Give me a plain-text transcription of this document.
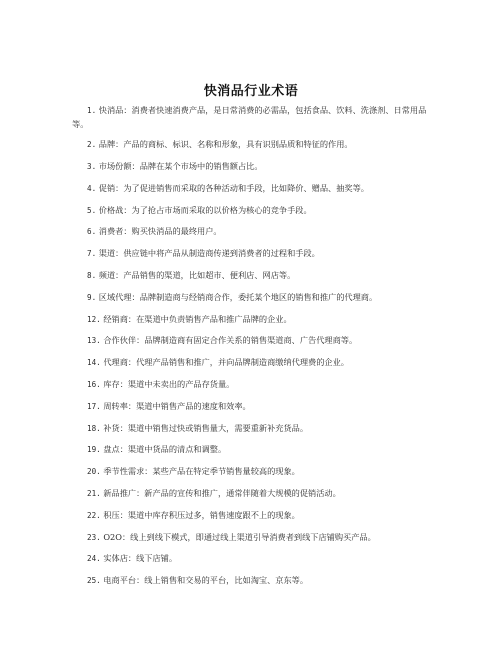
快消品行业术语
1. 快消品：消费者快速消费产品，是日常消费的必需品，包括食品、饮料、洗涤剂、日常用品等。
2. 品牌：产品的商标、标识、名称和形象，具有识别品质和特征的作用。
3. 市场份额：品牌在某个市场中的销售额占比。
4. 促销：为了促进销售而采取的各种活动和手段，比如降价、赠品、抽奖等。
5. 价格战：为了抢占市场而采取的以价格为核心的竞争手段。
6. 消费者：购买快消品的最终用户。
7. 渠道：供应链中将产品从制造商传递到消费者的过程和手段。
8. 频道：产品销售的渠道，比如超市、便利店、网店等。
9. 区域代理：品牌制造商与经销商合作，委托某个地区的销售和推广的代理商。
12. 经销商：在渠道中负责销售产品和推广品牌的企业。
13. 合作伙伴：品牌制造商有固定合作关系的销售渠道商、广告代理商等。
14. 代理商：代理产品销售和推广，并向品牌制造商缴纳代理费的企业。
16. 库存：渠道中未卖出的产品存货量。
17. 周转率：渠道中销售产品的速度和效率。
18. 补货：渠道中销售过快或销售量大，需要重新补充货品。
19. 盘点：渠道中货品的清点和调整。
20. 季节性需求：某些产品在特定季节销售量较高的现象。
21. 新品推广：新产品的宣传和推广，通常伴随着大规模的促销活动。
22. 积压：渠道中库存积压过多，销售速度跟不上的现象。
23. O2O：线上到线下模式，即通过线上渠道引导消费者到线下店铺购买产品。
24. 实体店：线下店铺。
25. 电商平台：线上销售和交易的平台，比如淘宝、京东等。
